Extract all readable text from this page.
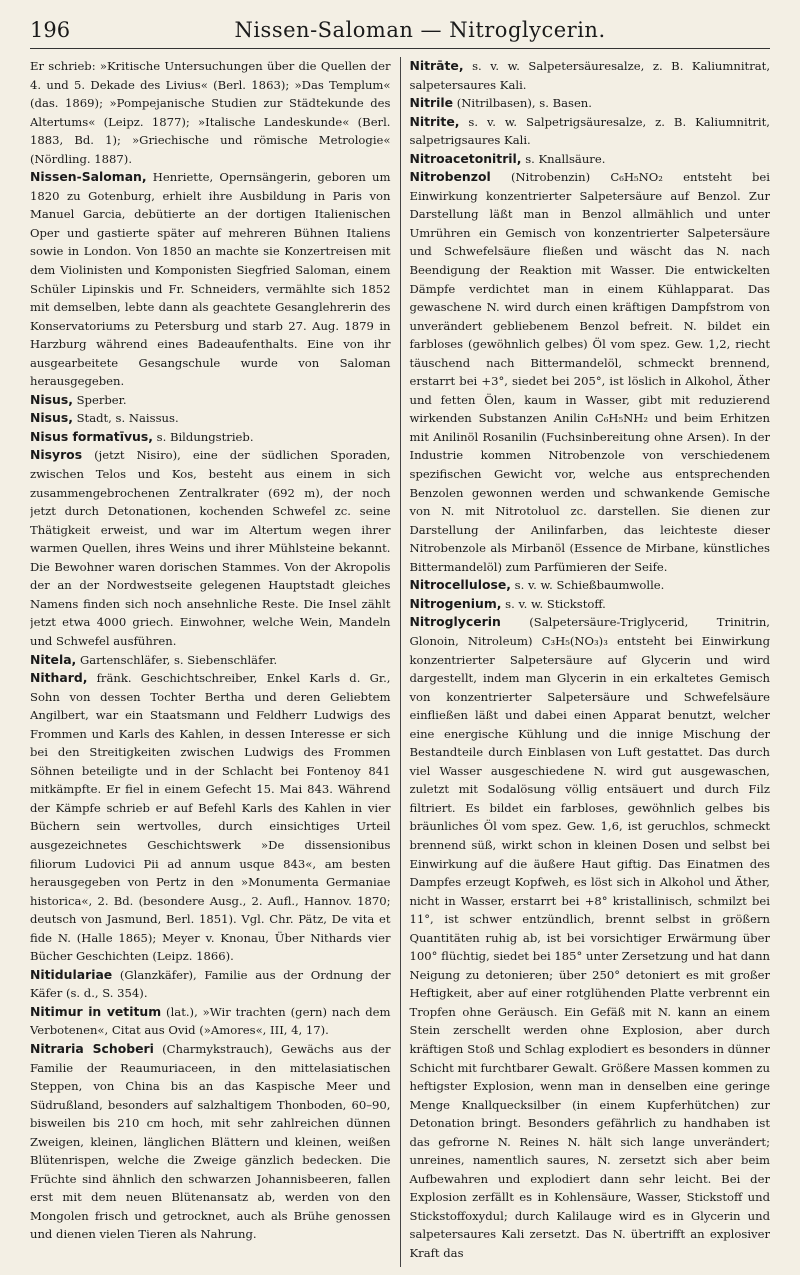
196	Nissen-Saloman — Nitroglycerin.

Er schrieb: »Kritische Untersuchungen über die Quellen der 4. und 5. Dekade des Livius« (Berl. 1863); »Das Templum« (das. 1869); »Pompejanische Studien zur Städtekunde des Altertums« (Leipz. 1877); »Italische Landeskunde« (Berl. 1883, Bd. 1); »Griechische und römische Metrologie« (Nördling. 1887).

Nissen-Saloman, Henriette, Opernsängerin, geboren um 1820 zu Gotenburg, erhielt ihre Ausbildung in Paris von Manuel Garcia, debütierte an der dortigen Italienischen Oper und gastierte später auf mehreren Bühnen Italiens sowie in London. Von 1850 an machte sie Konzertreisen mit dem Violinisten und Komponisten Siegfried Saloman, einem Schüler Lipinskis und Fr. Schneiders, vermählte sich 1852 mit demselben, lebte dann als geachtete Gesanglehrerin des Konservatoriums zu Petersburg und starb 27. Aug. 1879 in Harzburg während eines Badeaufenthalts. Eine von ihr ausgearbeitete Gesangschule wurde von Saloman herausgegeben.

Nisus, Sperber.

Nisus, Stadt, s. Naissus.

Nisus formatīvus, s. Bildungstrieb.

Nisyros (jetzt Nisiro), eine der südlichen Sporaden, zwischen Telos und Kos, besteht aus einem in sich zusammengebrochenen Zentralkrater (692 m), der noch jetzt durch Detonationen, kochenden Schwefel zc. seine Thätigkeit erweist, und war im Altertum wegen ihrer warmen Quellen, ihres Weins und ihrer Mühlsteine bekannt. Die Bewohner waren dorischen Stammes. Von der Akropolis der an der Nordwestseite gelegenen Hauptstadt gleiches Namens finden sich noch ansehnliche Reste. Die Insel zählt jetzt etwa 4000 griech. Einwohner, welche Wein, Mandeln und Schwefel ausführen.

Nitela, Gartenschläfer, s. Siebenschläfer.

Nithard, fränk. Geschichtschreiber, Enkel Karls d. Gr., Sohn von dessen Tochter Bertha und deren Geliebtem Angilbert, war ein Staatsmann und Feldherr Ludwigs des Frommen und Karls des Kahlen, in dessen Interesse er sich bei den Streitigkeiten zwischen Ludwigs des Frommen Söhnen beteiligte und in der Schlacht bei Fontenoy 841 mitkämpfte. Er fiel in einem Gefecht 15. Mai 843. Während der Kämpfe schrieb er auf Befehl Karls des Kahlen in vier Büchern sein wertvolles, durch einsichtiges Urteil ausgezeichnetes Geschichtswerk »De dissensionibus filiorum Ludovici Pii ad annum usque 843«, am besten herausgegeben von Pertz in den »Monumenta Germaniae historica«, 2. Bd. (besondere Ausg., 2. Aufl., Hannov. 1870; deutsch von Jasmund, Berl. 1851). Vgl. Chr. Pätz, De vita et fide N. (Halle 1865); Meyer v. Knonau, Über Nithards vier Bücher Geschichten (Leipz. 1866).

Nitidulariae (Glanzkäfer), Familie aus der Ordnung der Käfer (s. d., S. 354).

Nitimur in vetitum (lat.), »Wir trachten (gern) nach dem Verbotenen«, Citat aus Ovid (»Amores«, III, 4, 17).

Nitraria Schoberi (Charmykstrauch), Gewächs aus der Familie der Reaumuriaceen, in den mittelasiatischen Steppen, von China bis an das Kaspische Meer und Südrußland, besonders auf salzhaltigem Thonboden, 60–90, bisweilen bis 210 cm hoch, mit sehr zahlreichen dünnen Zweigen, kleinen, länglichen Blättern und kleinen, weißen Blütenrispen, welche die Zweige gänzlich bedecken. Die Früchte sind ähnlich den schwarzen Johannisbeeren, fallen erst mit dem neuen Blütenansatz ab, werden von den Mongolen frisch und getrocknet, auch als Brühe genossen und dienen vielen Tieren als Nahrung.

Nitrāte, s. v. w. Salpetersäuresalze, z. B. Kaliumnitrat, salpetersaures Kali.

Nitrile (Nitrilbasen), s. Basen.

Nitrite, s. v. w. Salpetrigsäuresalze, z. B. Kaliumnitrit, salpetrigsaures Kali.

Nitroacetonitril, s. Knallsäure.

Nitrobenzol (Nitrobenzin) C₆H₅NO₂ entsteht bei Einwirkung konzentrierter Salpetersäure auf Benzol. Zur Darstellung läßt man in Benzol allmählich und unter Umrühren ein Gemisch von konzentrierter Salpetersäure und Schwefelsäure fließen und wäscht das N. nach Beendigung der Reaktion mit Wasser. Die entwickelten Dämpfe verdichtet man in einem Kühlapparat. Das gewaschene N. wird durch einen kräftigen Dampfstrom von unverändert gebliebenem Benzol befreit. N. bildet ein farbloses (gewöhnlich gelbes) Öl vom spez. Gew. 1,2, riecht täuschend nach Bittermandelöl, schmeckt brennend, erstarrt bei +3°, siedet bei 205°, ist löslich in Alkohol, Äther und fetten Ölen, kaum in Wasser, gibt mit reduzierend wirkenden Substanzen Anilin C₆H₅NH₂ und beim Erhitzen mit Anilinöl Rosanilin (Fuchsinbereitung ohne Arsen). In der Industrie kommen Nitrobenzole von verschiedenem spezifischen Gewicht vor, welche aus entsprechenden Benzolen gewonnen werden und schwankende Gemische von N. mit Nitrotoluol zc. darstellen. Sie dienen zur Darstellung der Anilinfarben, das leichteste dieser Nitrobenzole als Mirbanöl (Essence de Mirbane, künstliches Bittermandelöl) zum Parfümieren der Seife.

Nitrocellulose, s. v. w. Schießbaumwolle.

Nitrogenium, s. v. w. Stickstoff.

Nitroglycerin (Salpetersäure-Triglycerid, Trinitrin, Glonoin, Nitroleum) C₃H₅(NO₃)₃ entsteht bei Einwirkung konzentrierter Salpetersäure auf Glycerin und wird dargestellt, indem man Glycerin in ein erkaltetes Gemisch von konzentrierter Salpetersäure und Schwefelsäure einfließen läßt und dabei einen Apparat benutzt, welcher eine energische Kühlung und die innige Mischung der Bestandteile durch Einblasen von Luft gestattet. Das durch viel Wasser ausgeschiedene N. wird gut ausgewaschen, zuletzt mit Sodalösung völlig entsäuert und durch Filz filtriert. Es bildet ein farbloses, gewöhnlich gelbes bis bräunliches Öl vom spez. Gew. 1,6, ist geruchlos, schmeckt brennend süß, wirkt schon in kleinen Dosen und selbst bei Einwirkung auf die äußere Haut giftig. Das Einatmen des Dampfes erzeugt Kopfweh, es löst sich in Alkohol und Äther, nicht in Wasser, erstarrt bei +8° kristallinisch, schmilzt bei 11°, ist schwer entzündlich, brennt selbst in größern Quantitäten ruhig ab, ist bei vorsichtiger Erwärmung über 100° flüchtig, siedet bei 185° unter Zersetzung und hat dann Neigung zu detonieren; über 250° detoniert es mit großer Heftigkeit, aber auf einer rotglühenden Platte verbrennt ein Tropfen ohne Geräusch. Ein Gefäß mit N. kann an einem Stein zerschellt werden ohne Explosion, aber durch kräftigen Stoß und Schlag explodiert es besonders in dünner Schicht mit furchtbarer Gewalt. Größere Massen kommen zu heftigster Explosion, wenn man in denselben eine geringe Menge Knallquecksilber (in einem Kupferhütchen) zur Detonation bringt. Besonders gefährlich zu handhaben ist das gefrorne N. Reines N. hält sich lange unverändert; unreines, namentlich saures, N. zersetzt sich aber beim Aufbewahren und explodiert dann sehr leicht. Bei der Explosion zerfällt es in Kohlensäure, Wasser, Stickstoff und Stickstoffoxydul; durch Kalilauge wird es in Glycerin und salpetersaures Kali zersetzt. Das N. übertrifft an explosiver Kraft das
